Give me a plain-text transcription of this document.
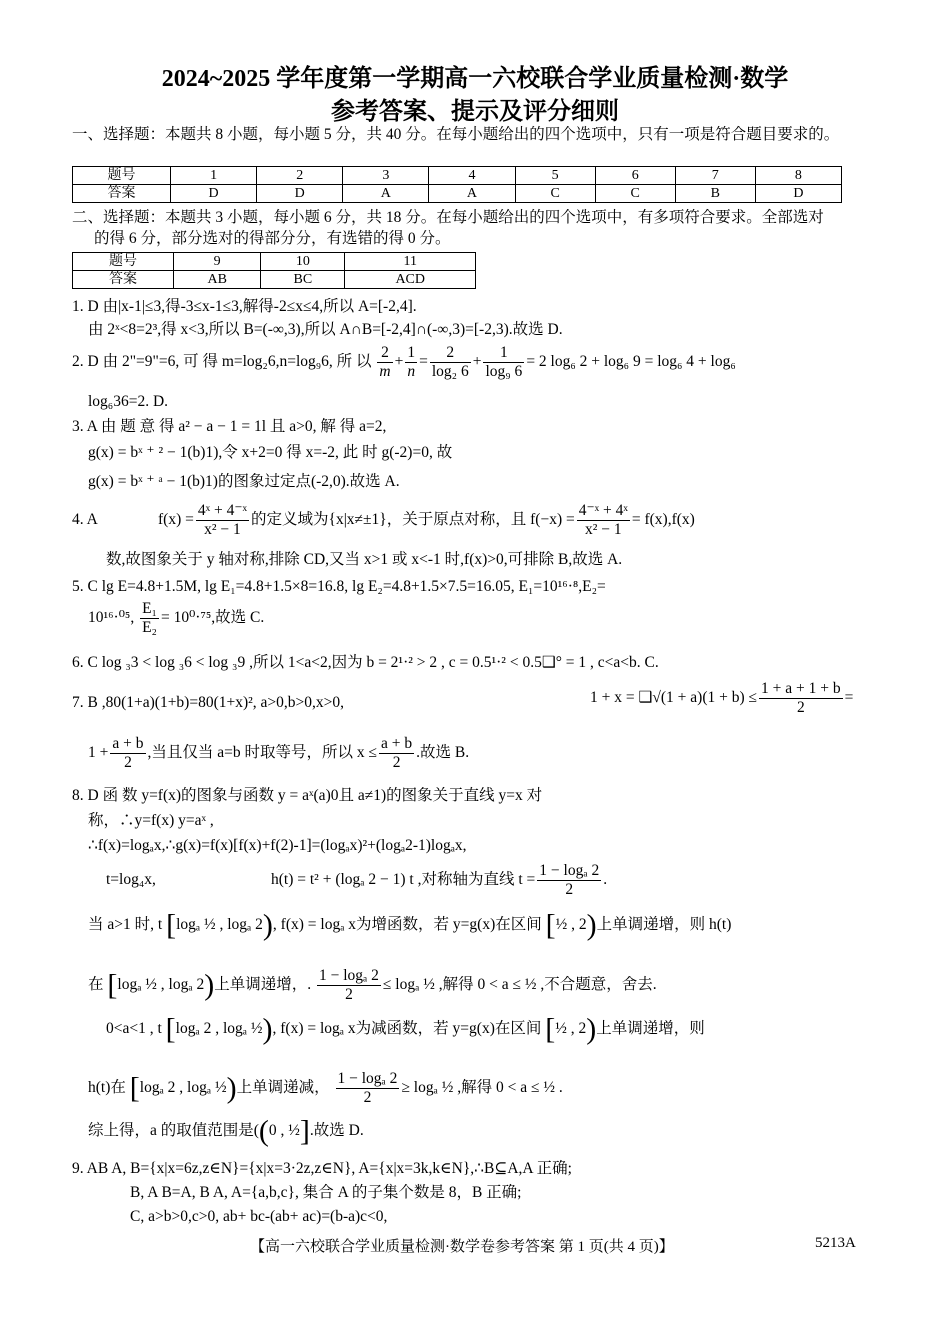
2024~2025 学年度第一学期高一六校联合学业质量检测·数学
参考答案、提示及评分细则
一、选择题：本题共 8 小题，每小题 5 分，共 40 分。在每小题给出的四个选项中，只有一项是符合题目要求的。
题号	1	2	3	4	5	6	7	8
答案	D	D	A	A	C	C	B	D
二、选择题：本题共 3 小题，每小题 6 分，共 18 分。在每小题给出的四个选项中，有多项符合要求。全部选对
的得 6 分，部分选对的得部分分，有选错的得 0 分。
题号	9	10	11
答案	AB	BC	ACD
1. D 由|x-1|≤3,得-3≤x-1≤3,解得-2≤x≤4,所以 A=[-2,4].
由 2ˣ<8=2³,得 x<3,所以 B=(-∞,3),所以 A∩B=[-2,4]∩(-∞,3)=[-2,3).故选 D.
2. D 由 2"=9"=6, 可 得 m=log₂6,n=log₉6, 所 以 $\frac{2}{m} + \frac{1}{n} = \frac{2}{\text{log₂ 6}} + \frac{1}{\text{log₉ 6}} = 2$ log₆ 2 + log₆ 9 = log₆ 4 + log₆
log₆36=2. D.
3. A 由 题 意 得 a² − a − 1 = 1l 且 a>0, 解 得 a=2,
g(x) = bˣ ⁺ ² − 1(b)1),令 x+2=0 得 x=-2, 此 时 g(-2)=0, 故
g(x) = bˣ ⁺ ᵃ − 1(b)1)的图象过定点(-2,0).故选 A.
4. A	$f(x) = \frac{\text{4ˣ + 4⁻ˣ}}{\text{x² − 1}}$ 的定义域为{x|x≠±1}，关于原点对称，且 $f(-x) = \frac{\text{4⁻ˣ + 4ˣ}}{\text{x² − 1}} = f(x),f(x)$
数,故图象关于 y 轴对称,排除 CD,又当 x>1 或 x<-1 时,f(x)>0,可排除 B,故选 A.
5. C lg E=4.8+1.5M, lg E₁=4.8+1.5×8=16.8, lg E₂=4.8+1.5×7.5=16.05, E₁=10¹⁶·⁸,E₂=
10¹⁶·⁰⁵, $\frac{\text{E₁}}{\text{E₂}} = 10^0\cdot^{75}$,故选 C.
6. C log ₃3 < log ₃6 < log ₃9 ,所以 1<a<2,因为 b = 2¹·² > 2 , c = 0.5¹·² < 0.5❑° = 1 , c<a<b. C.
7. B ,80(1+a)(1+b)=80(1+x)², a>0,b>0,x>0,	1 + x = ❑√(1 + $a)(1 + b) \le \frac{1 + a + 1 + b}{2}$ =
$1 + \frac{a + b}{2}$ ,当且仅当 a=b 时取等号，所以 $x \le \frac{a + b}{2}$ .故选 B.
8. D 函 数 y=f(x)的图象与函数 y = aˣ(a)0且 a≠1)的图象关于直线 y=x 对
称，∴y=f(x) y=aˣ ,
∴f(x)=logₐx,∴g(x)=f(x)[f(x)+f(2)-1]=(logₐx)²+(logₐ2-1)logₐx,
t=log₄x,	h(t) = t² + (logₐ 2 − 1) t ,对称轴为直线 $t = \frac{\text{1 − logₐ 2}}{2}$ .
当 a>1 时, t [logₐ ½ , logₐ 2), f(x) = logₐ x为增函数，若 y=g(x)在区间 [½ , 2)上单调递增，则 h(t)
在 [logₐ ½ , logₐ 2)上单调递增，. $\frac{\text{1 − logₐ 2}}{2} \le \log_a$ ½ ,解得 0 < a ≤ ½ ,不合题意，舍去.
0<a<1 , t [logₐ 2 , logₐ ½), f(x) = logₐ x为减函数，若 y=g(x)在区间 [½ , 2)上单调递增，则
h(t)在 [logₐ 2 , logₐ ½)上单调递减， $\frac{\text{1 − logₐ 2}}{2} \ge \log_a$ ½ ,解得 0 < a ≤ ½ .
综上得，a 的取值范围是((0 , ½].故选 D.
9. AB A, B={x|x=6z,z∈N}={x|x=3·2z,z∈N}, A={x|x=3k,k∈N},∴B⊆A,A 正确;
B, A B=A, B A, A={a,b,c}, 集合 A 的子集个数是 8，B 正确;
C, a>b>0,c>0, ab+ bc-(ab+ ac)=(b-a)c<0,
【高一六校联合学业质量检测·数学卷参考答案 第 1 页(共 4 页)】	5213A
